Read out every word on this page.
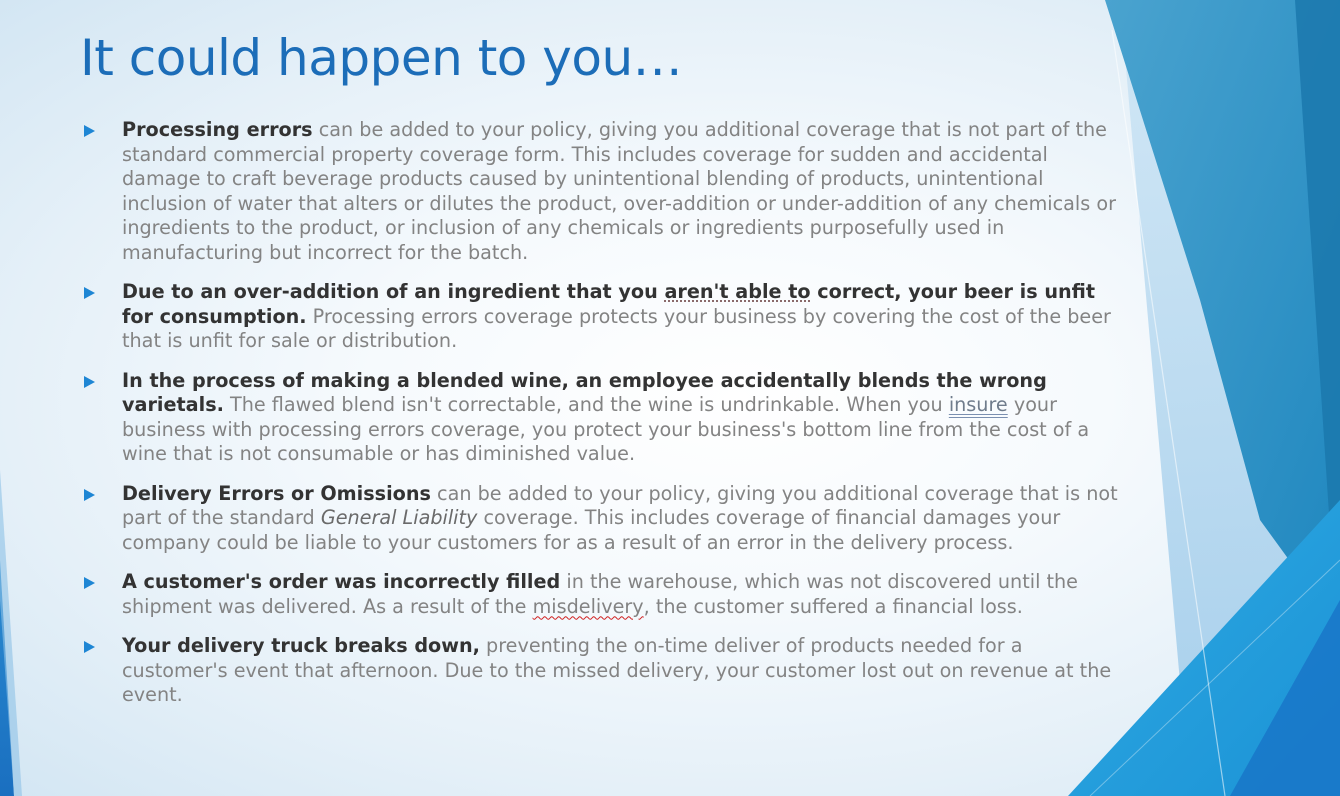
It could happen to you…
Processing errors can be added to your policy, giving you additional coverage that is not part of the standard commercial property coverage form. This includes coverage for sudden and accidental damage to craft beverage products caused by unintentional blending of products, unintentional inclusion of water that alters or dilutes the product, over-addition or under-addition of any chemicals or ingredients to the product, or inclusion of any chemicals or ingredients purposefully used in manufacturing but incorrect for the batch.
Due to an over-addition of an ingredient that you aren't able to correct, your beer is unfit for consumption. Processing errors coverage protects your business by covering the cost of the beer that is unfit for sale or distribution.
In the process of making a blended wine, an employee accidentally blends the wrong varietals. The flawed blend isn't correctable, and the wine is undrinkable. When you insure your business with processing errors coverage, you protect your business's bottom line from the cost of a wine that is not consumable or has diminished value.
Delivery Errors or Omissions can be added to your policy, giving you additional coverage that is not part of the standard General Liability coverage. This includes coverage of financial damages your company could be liable to your customers for as a result of an error in the delivery process.
A customer's order was incorrectly filled in the warehouse, which was not discovered until the shipment was delivered. As a result of the misdelivery, the customer suffered a financial loss.
Your delivery truck breaks down, preventing the on-time deliver of products needed for a customer's event that afternoon. Due to the missed delivery, your customer lost out on revenue at the event.
